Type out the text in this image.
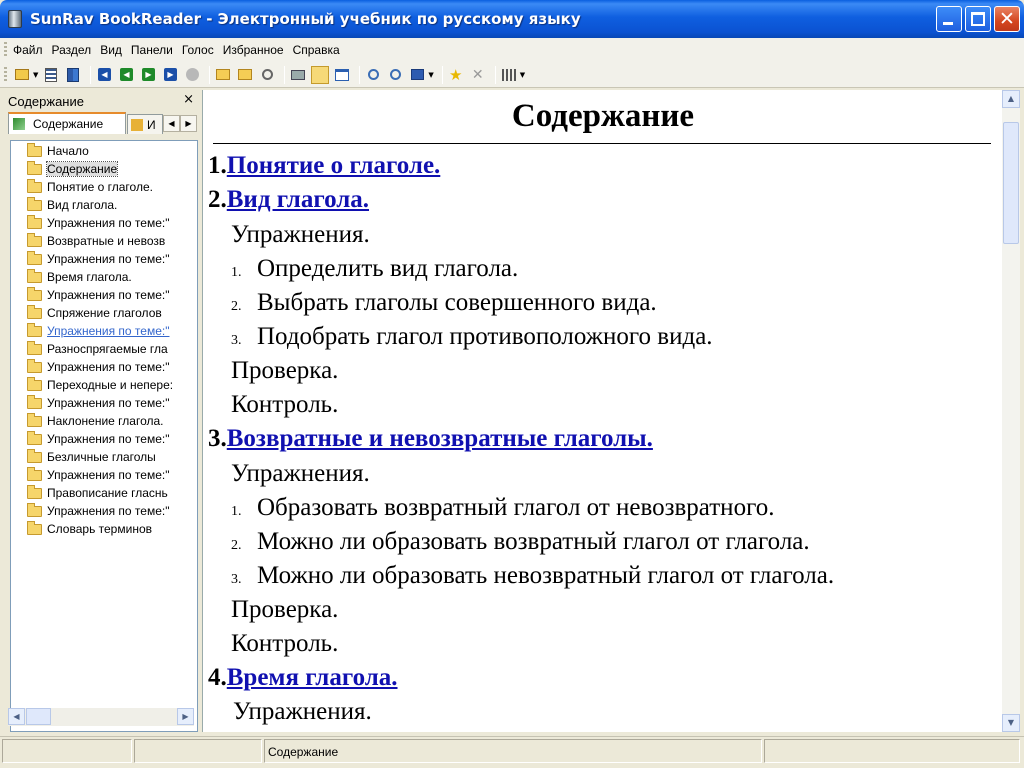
SunRav BookReader - Электронный учебник по русскому языку	✕
Файл Раздел Вид Панели Голос Избранное Справка
▼	◀	◀	▶	▶	▼ ★ ✕	▼
Содержание	×
Содержание	И	◀	▶
Начало
Содержание
Понятие о глаголе.
Вид глагола.
Упражнения по теме:"
Возвратные и невозв
Упражнения по теме:"
Время глагола.
Упражнения по теме:"
Спряжение глаголов
Упражнения по теме:"
Разноспрягаемые гла
Упражнения по теме:"
Переходные и непере:
Упражнения по теме:"
Наклонение глагола.
Упражнения по теме:"
Безличные глаголы
Упражнения по теме:"
Правописание гласнь
Упражнения по теме:"
Словарь терминов
◀	▶
Содержание
1.Понятие о глаголе.
2.Вид глагола.
Упражнения.
1. Определить вид глагола.
2. Выбрать глаголы совершенного вида.
3. Подобрать глагол противоположного вида.
Проверка.
Контроль.
3.Возвратные и невозвратные глаголы.
Упражнения.
1. Образовать возвратный глагол от невозвратного.
2. Можно ли образовать возвратный глагол от глагола.
3. Можно ли образовать невозвратный глагол от глагола.
Проверка.
Контроль.
4.Время глагола.
Упражнения.
▲
▼
Содержание
